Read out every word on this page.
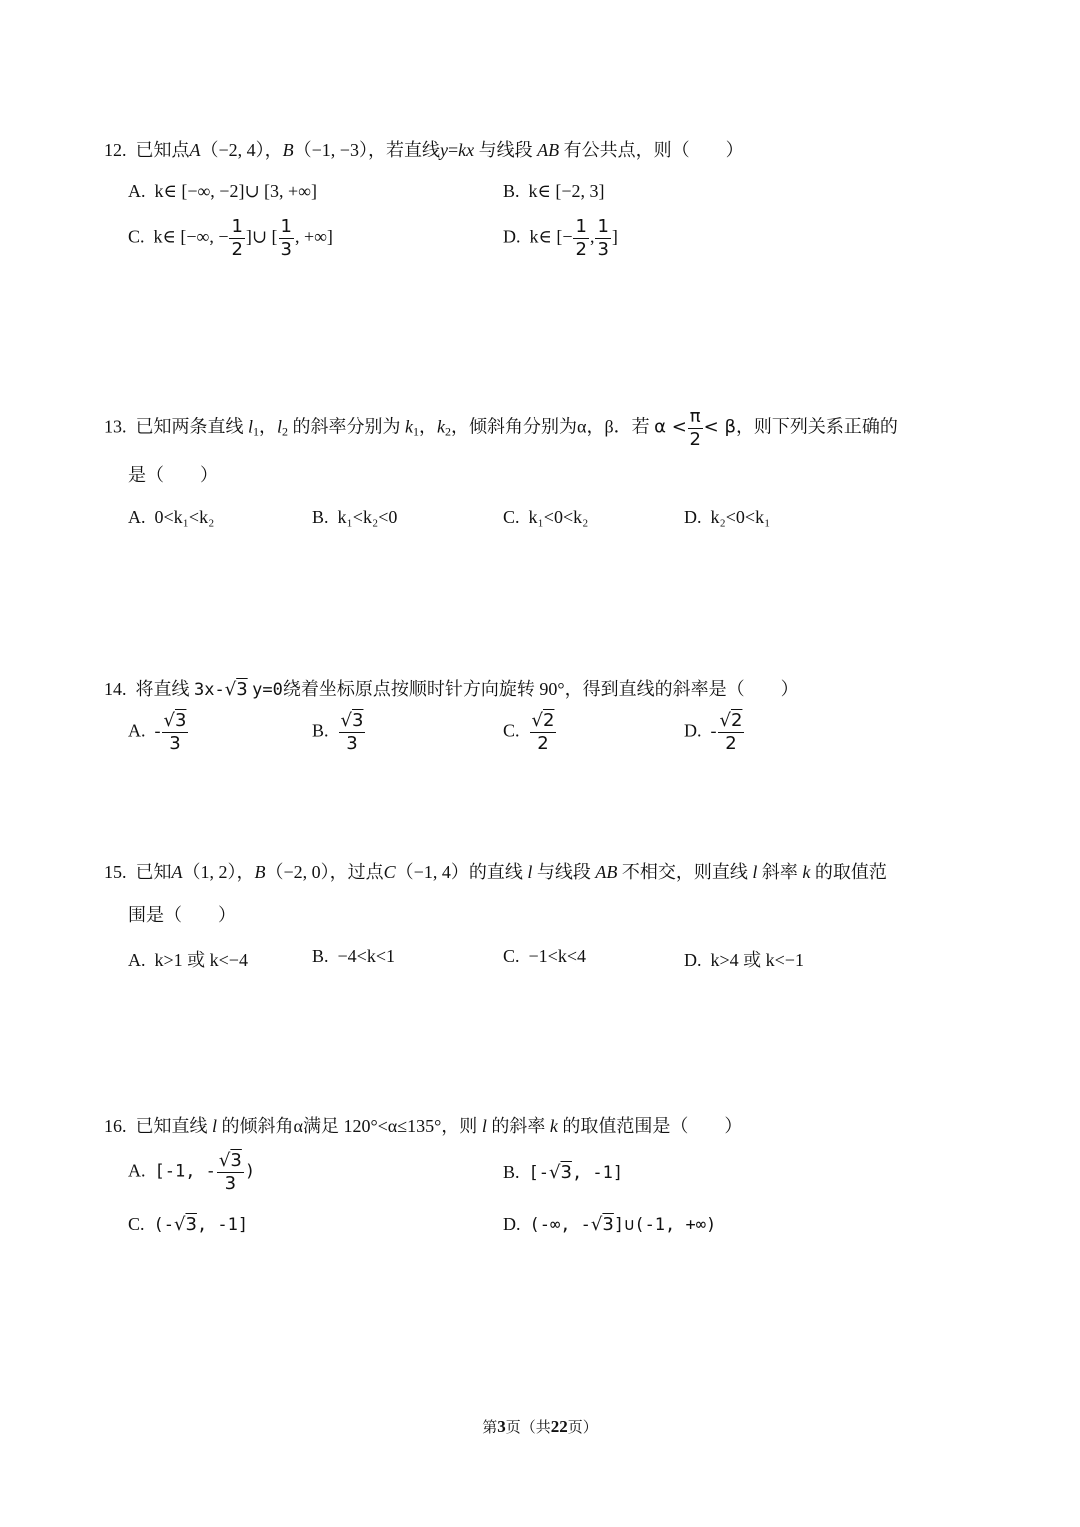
12. 已知点A（−2, 4），B（−1, −3），若直线y=kx 与线段 AB 有公共点，则（　　）
A. k∈ [−∞, −2]∪ [3, +∞]	B. k∈ [−2, 3]
C. k∈ [−∞, − $\frac{1}{2}$ ]∪ [ $\frac{1}{3}$ , +∞]	D. k∈ [− $\frac{1}{2}$ , $\frac{1}{3}$ ]
13. 已知两条直线 $l_1$，$l_2$ 的斜率分别为 $k_1$，$k_2$，倾斜角分别为α，β．若 $\alpha < \frac{\pi}{2} < \beta$，则下列关系正确的
是（　　）
A. 0<k₁<k₂	B. k₁<k₂<0	C. k₁<0<k₂	D. k₂<0<k₁
14. 将直线 3x-√3 y=0绕着坐标原点按顺时针方向旋转 90°，得到直线的斜率是（　　）
A. - $\frac{√3}{3}$	B. $\frac{√3}{3}$	C. $\frac{√2}{2}$	D. - $\frac{√2}{2}$
15. 已知A（1, 2），B（−2, 0），过点C（−1, 4）的直线 l 与线段 AB 不相交，则直线 l 斜率 k 的取值范
围是（　　）
A. k>1 或 k<−4	B. −4<k<1	C. −1<k<4	D. k>4 或 k<−1
16. 已知直线 l 的倾斜角α满足 120°<α≤135°，则 l 的斜率 k 的取值范围是（　　）
A. [-1, - $\frac{√3}{3}$ )	B. [-√3, -1]
C. (-√3, -1]	D. (-∞, -√3]∪(-1, +∞)
第3页（共22页）
